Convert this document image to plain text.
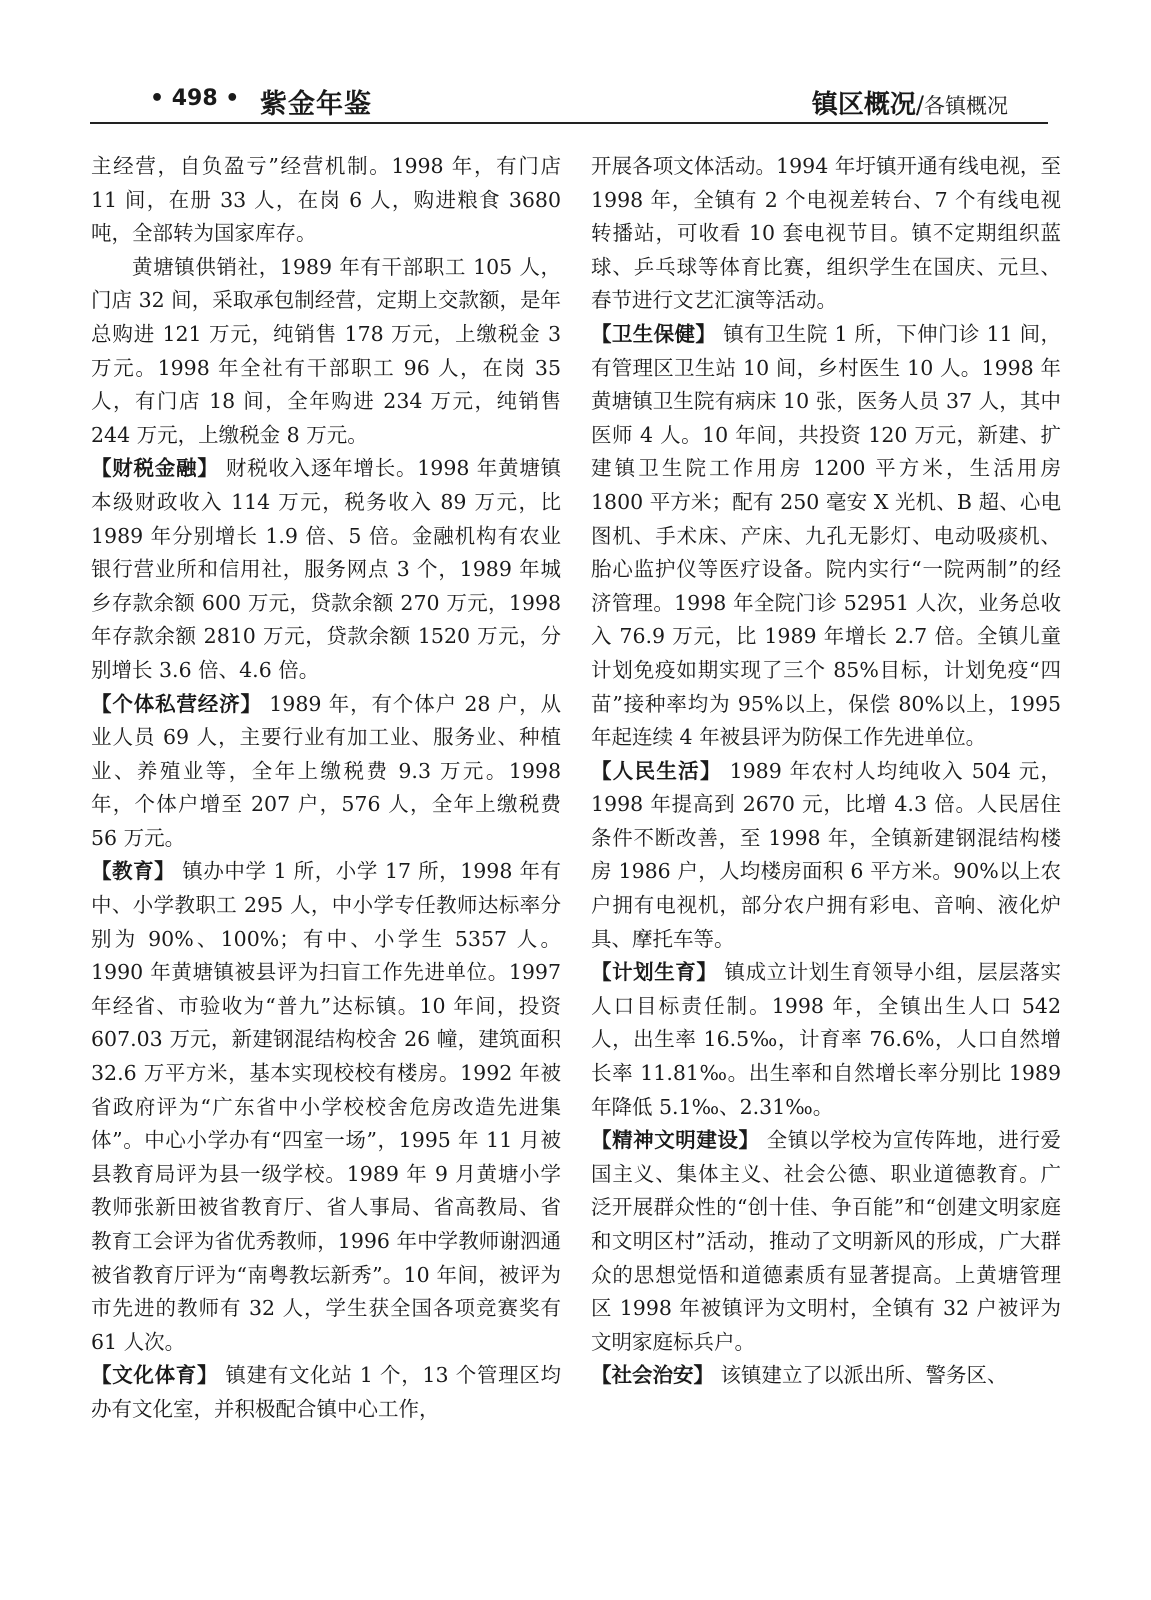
• 498 • 紫金年鉴	镇区概况/各镇概况

主经营，自负盈亏”经营机制。1998 年，有门店 11 间，在册 33 人，在岗 6 人，购进粮食 3680 吨，全部转为国家库存。

黄塘镇供销社，1989 年有干部职工 105 人，门店 32 间，采取承包制经营，定期上交款额，是年总购进 121 万元，纯销售 178 万元，上缴税金 3 万元。1998 年全社有干部职工 96 人，在岗 35 人，有门店 18 间，全年购进 234 万元，纯销售 244 万元，上缴税金 8 万元。

【财税金融】 财税收入逐年增长。1998 年黄塘镇本级财政收入 114 万元，税务收入 89 万元，比 1989 年分别增长 1.9 倍、5 倍。金融机构有农业银行营业所和信用社，服务网点 3 个，1989 年城乡存款余额 600 万元，贷款余额 270 万元，1998 年存款余额 2810 万元，贷款余额 1520 万元，分别增长 3.6 倍、4.6 倍。

【个体私营经济】 1989 年，有个体户 28 户，从业人员 69 人，主要行业有加工业、服务业、种植业、养殖业等，全年上缴税费 9.3 万元。1998 年，个体户增至 207 户，576 人，全年上缴税费 56 万元。

【教育】 镇办中学 1 所，小学 17 所，1998 年有中、小学教职工 295 人，中小学专任教师达标率分别为 90%、100%；有中、小学生 5357 人。1990 年黄塘镇被县评为扫盲工作先进单位。1997 年经省、市验收为“普九”达标镇。10 年间，投资 607.03 万元，新建钢混结构校舍 26 幢，建筑面积 32.6 万平方米，基本实现校校有楼房。1992 年被省政府评为“广东省中小学校校舍危房改造先进集体”。中心小学办有“四室一场”，1995 年 11 月被县教育局评为县一级学校。1989 年 9 月黄塘小学教师张新田被省教育厅、省人事局、省高教局、省教育工会评为省优秀教师，1996 年中学教师谢泗通被省教育厅评为“南粤教坛新秀”。10 年间，被评为市先进的教师有 32 人，学生获全国各项竞赛奖有 61 人次。

【文化体育】 镇建有文化站 1 个，13 个管理区均办有文化室，并积极配合镇中心工作，

开展各项文体活动。1994 年圩镇开通有线电视，至 1998 年，全镇有 2 个电视差转台、7 个有线电视转播站，可收看 10 套电视节目。镇不定期组织蓝球、乒乓球等体育比赛，组织学生在国庆、元旦、春节进行文艺汇演等活动。

【卫生保健】 镇有卫生院 1 所，下伸门诊 11 间，有管理区卫生站 10 间，乡村医生 10 人。1998 年黄塘镇卫生院有病床 10 张，医务人员 37 人，其中医师 4 人。10 年间，共投资 120 万元，新建、扩建镇卫生院工作用房 1200 平方米，生活用房 1800 平方米；配有 250 毫安 X 光机、B 超、心电图机、手术床、产床、九孔无影灯、电动吸痰机、胎心监护仪等医疗设备。院内实行“一院两制”的经济管理。1998 年全院门诊 52951 人次，业务总收入 76.9 万元，比 1989 年增长 2.7 倍。全镇儿童计划免疫如期实现了三个 85%目标，计划免疫“四苗”接种率均为 95%以上，保偿 80%以上，1995 年起连续 4 年被县评为防保工作先进单位。

【人民生活】 1989 年农村人均纯收入 504 元，1998 年提高到 2670 元，比增 4.3 倍。人民居住条件不断改善，至 1998 年，全镇新建钢混结构楼房 1986 户，人均楼房面积 6 平方米。90%以上农户拥有电视机，部分农户拥有彩电、音响、液化炉具、摩托车等。

【计划生育】 镇成立计划生育领导小组，层层落实人口目标责任制。1998 年，全镇出生人口 542 人，出生率 16.5‰，计育率 76.6%，人口自然增长率 11.81‰。出生率和自然增长率分别比 1989 年降低 5.1‰、2.31‰。

【精神文明建设】 全镇以学校为宣传阵地，进行爱国主义、集体主义、社会公德、职业道德教育。广泛开展群众性的“创十佳、争百能”和“创建文明家庭和文明区村”活动，推动了文明新风的形成，广大群众的思想觉悟和道德素质有显著提高。上黄塘管理区 1998 年被镇评为文明村，全镇有 32 户被评为文明家庭标兵户。

【社会治安】 该镇建立了以派出所、警务区、
